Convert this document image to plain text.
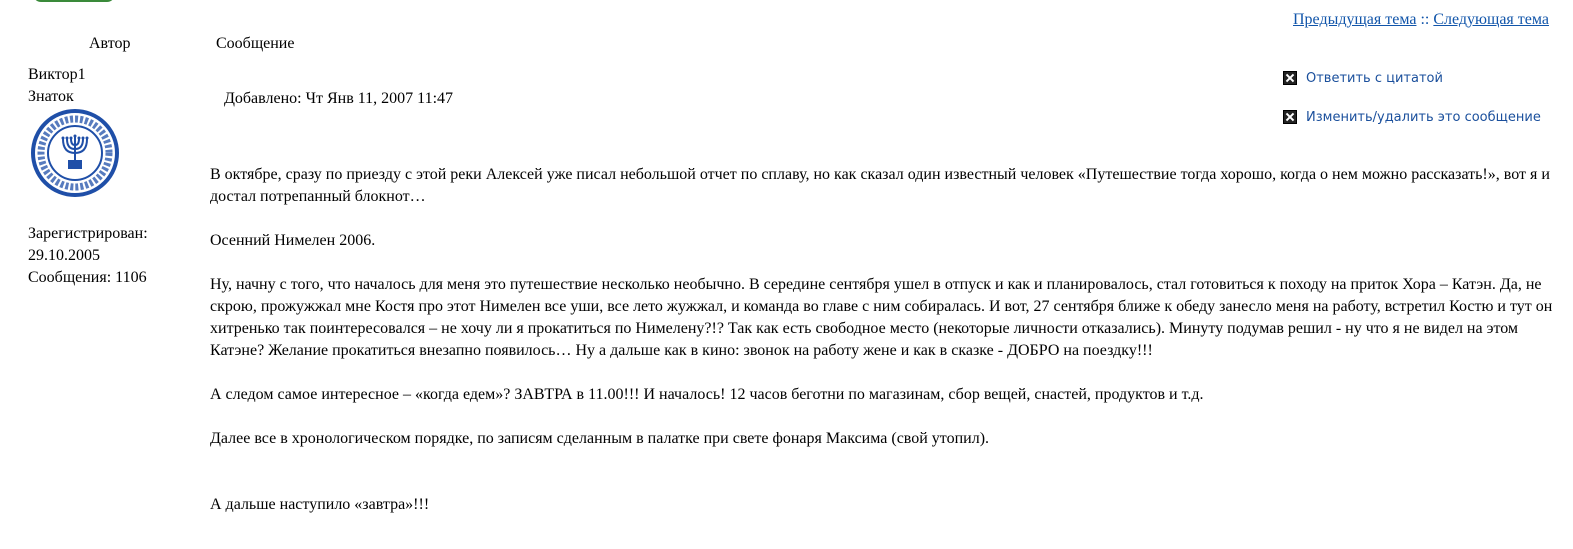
Предыдущая тема :: Следующая тема
Автор	Сообщение
Виктор1
Знаток
Зарегистрирован:
29.10.2005
Сообщения: 1106
Добавлено: Чт Янв 11, 2007 11:47
Ответить с цитатой
Изменить/удалить это сообщение

В октябре, сразу по приезду с этой реки Алексей уже писал небольшой отчет по сплаву, но как сказал один известный человек «Путешествие тогда хорошо, когда о нем можно рассказать!», вот я и достал потрепанный блокнот…

Осенний Нимелен 2006.

Ну, начну с того, что началось для меня это путешествие несколько необычно. В середине сентября ушел в отпуск и как и планировалось, стал готовиться к походу на приток Хора – Катэн. Да, не скрою, прожужжал мне Костя про этот Нимелен все уши, все лето жужжал, и команда во главе с ним собиралась. И вот, 27 сентября ближе к обеду занесло меня на работу, встретил Костю и тут он хитренько так поинтересовался – не хочу ли я прокатиться по Нимелену?!? Так как есть свободное место (некоторые личности отказались). Минуту подумав решил - ну что я не видел на этом Катэне? Желание прокатиться внезапно появилось… Ну а дальше как в кино: звонок на работу жене и как в сказке - ДОБРО на поездку!!!

А следом самое интересное – «когда едем»? ЗАВТРА в 11.00!!! И началось! 12 часов беготни по магазинам, сбор вещей, снастей, продуктов и т.д.

Далее все в хронологическом порядке, по записям сделанным в палатке при свете фонаря Максима (свой утопил).

А дальше наступило «завтра»!!!
